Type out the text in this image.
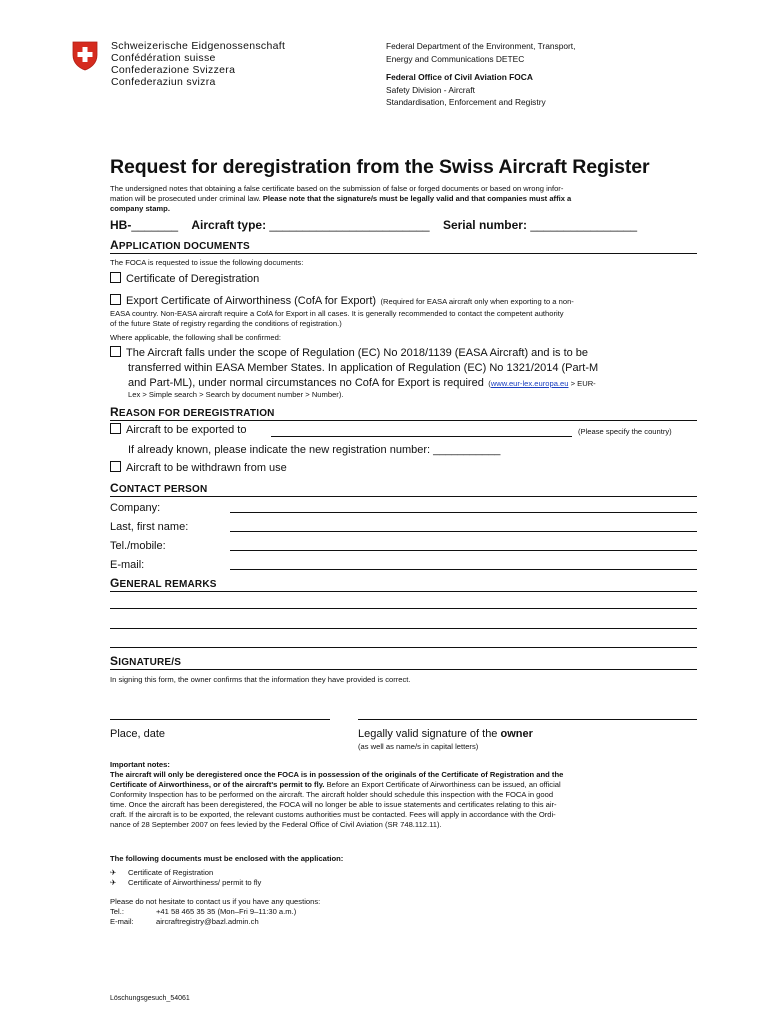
Schweizerische Eidgenossenschaft
Confédération suisse
Confederazione Svizzera
Confederaziun svizra
Federal Department of the Environment, Transport,
Energy and Communications DETEC
Federal Office of Civil Aviation FOCA
Safety Division - Aircraft
Standardisation, Enforcement and Registry
Request for deregistration from the Swiss Aircraft Register
The undersigned notes that obtaining a false certificate based on the submission of false or forged documents or based on wrong infor-
mation will be prosecuted under criminal law. Please note that the signature/s must be legally valid and that companies must affix a
company stamp.
HB-_______ Aircraft type: ________________________ Serial number: ________________
APPLICATION DOCUMENTS
The FOCA is requested to issue the following documents:
Certificate of Deregistration
Export Certificate of Airworthiness (CofA for Export) (Required for EASA aircraft only when exporting to a non-
EASA country. Non-EASA aircraft require a CofA for Export in all cases. It is generally recommended to contact the competent authority
of the future State of registry regarding the conditions of registration.)
Where applicable, the following shall be confirmed:
The Aircraft falls under the scope of Regulation (EC) No 2018/1139 (EASA Aircraft) and is to be
transferred within EASA Member States. In application of Regulation (EC) No 1321/2014 (Part-M
and Part-ML), under normal circumstances no CofA for Export is required (www.eur-lex.europa.eu > EUR-
Lex > Simple search > Search by document number > Number).
REASON FOR DEREGISTRATION
Aircraft to be exported to	(Please specify the country)
If already known, please indicate the new registration number: ___________
Aircraft to be withdrawn from use
CONTACT PERSON
Company:
Last, first name:
Tel./mobile:
E-mail:
GENERAL REMARKS
SIGNATURE/S
In signing this form, the owner confirms that the information they have provided is correct.
Place, date	Legally valid signature of the owner
(as well as name/s in capital letters)
Important notes:
The aircraft will only be deregistered once the FOCA is in possession of the originals of the Certificate of Registration and the
Certificate of Airworthiness, or of the aircraft's permit to fly. Before an Export Certificate of Airworthiness can be issued, an official
Conformity Inspection has to be performed on the aircraft. The aircraft holder should schedule this inspection with the FOCA in good
time. Once the aircraft has been deregistered, the FOCA will no longer be able to issue statements and certificates relating to this air-
craft. If the aircraft is to be exported, the relevant customs authorities must be contacted. Fees will apply in accordance with the Ordi-
nance of 28 September 2007 on fees levied by the Federal Office of Civil Aviation (SR 748.112.11).
The following documents must be enclosed with the application:
✈ Certificate of Registration
✈ Certificate of Airworthiness/ permit to fly
Please do not hesitate to contact us if you have any questions:
Tel.:	+41 58 465 35 35 (Mon–Fri 9–11:30 a.m.)
E-mail:	aircraftregistry@bazl.admin.ch
Löschungsgesuch_54061
